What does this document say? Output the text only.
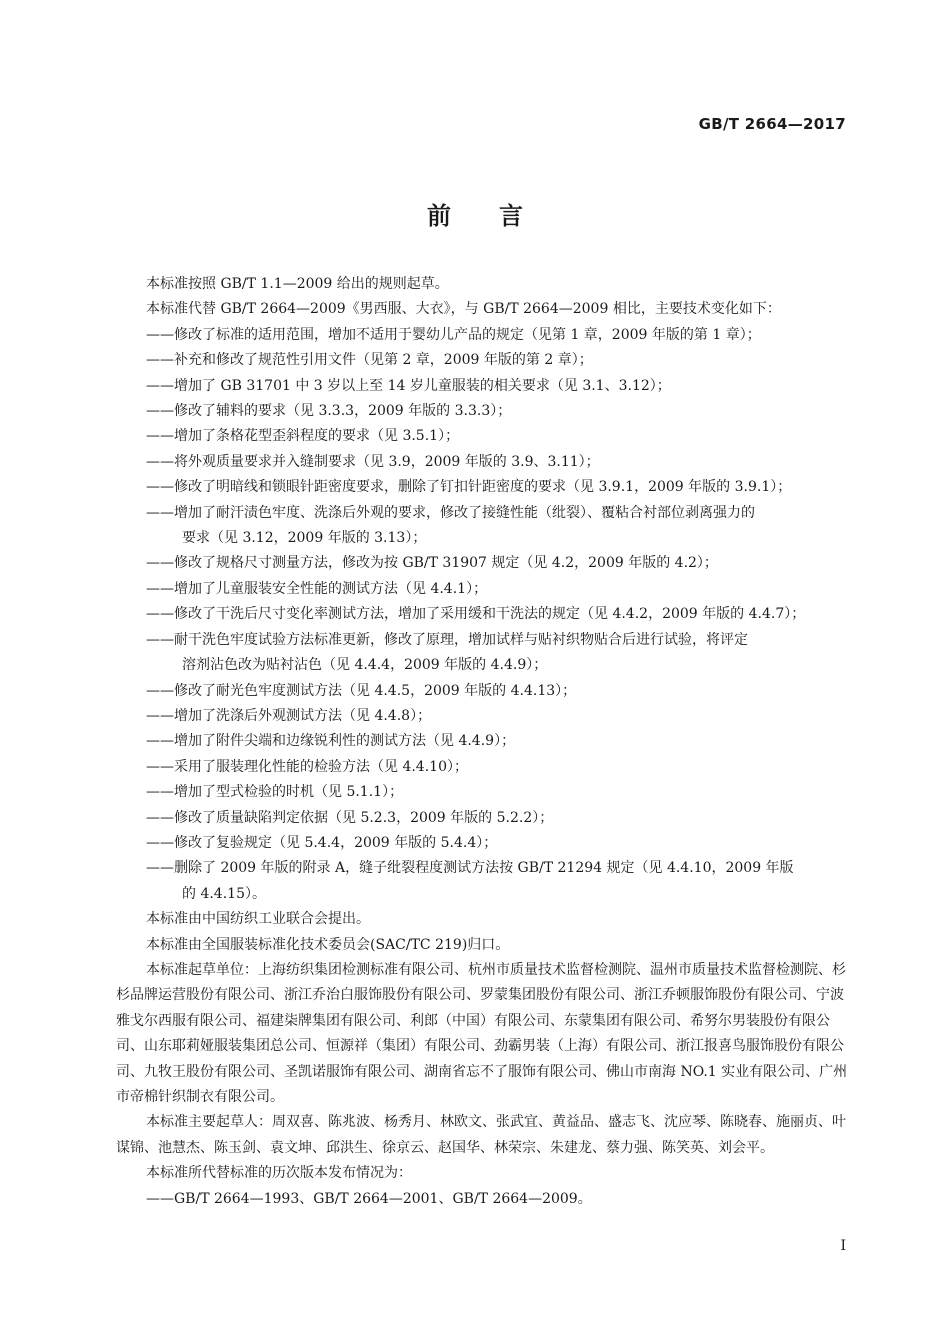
GB/T 2664—2017
前 言

本标准按照 GB/T 1.1—2009 给出的规则起草。

本标准代替 GB/T 2664—2009《男西服、大衣》，与 GB/T 2664—2009 相比，主要技术变化如下：

——修改了标准的适用范围，增加不适用于婴幼儿产品的规定（见第 1 章，2009 年版的第 1 章）；

——补充和修改了规范性引用文件（见第 2 章，2009 年版的第 2 章）；

——增加了 GB 31701 中 3 岁以上至 14 岁儿童服装的相关要求（见 3.1、3.12）；

——修改了辅料的要求（见 3.3.3，2009 年版的 3.3.3）；

——增加了条格花型歪斜程度的要求（见 3.5.1）；

——将外观质量要求并入缝制要求（见 3.9，2009 年版的 3.9、3.11）；

——修改了明暗线和锁眼针距密度要求，删除了钉扣针距密度的要求（见 3.9.1，2009 年版的 3.9.1）；

——增加了耐汗渍色牢度、洗涤后外观的要求，修改了接缝性能（纰裂）、覆粘合衬部位剥离强力的

要求（见 3.12，2009 年版的 3.13）；

——修改了规格尺寸测量方法，修改为按 GB/T 31907 规定（见 4.2，2009 年版的 4.2）；

——增加了儿童服装安全性能的测试方法（见 4.4.1）；

——修改了干洗后尺寸变化率测试方法，增加了采用缓和干洗法的规定（见 4.4.2，2009 年版的 4.4.7）；

——耐干洗色牢度试验方法标准更新，修改了原理，增加试样与贴衬织物贴合后进行试验，将评定

溶剂沾色改为贴衬沾色（见 4.4.4，2009 年版的 4.4.9）；

——修改了耐光色牢度测试方法（见 4.4.5，2009 年版的 4.4.13）；

——增加了洗涤后外观测试方法（见 4.4.8）；

——增加了附件尖端和边缘锐利性的测试方法（见 4.4.9）；

——采用了服装理化性能的检验方法（见 4.4.10）；

——增加了型式检验的时机（见 5.1.1）；

——修改了质量缺陷判定依据（见 5.2.3，2009 年版的 5.2.2）；

——修改了复验规定（见 5.4.4，2009 年版的 5.4.4）；

——删除了 2009 年版的附录 A，缝子纰裂程度测试方法按 GB/T 21294 规定（见 4.4.10，2009 年版

的 4.4.15）。

本标准由中国纺织工业联合会提出。

本标准由全国服装标准化技术委员会(SAC/TC 219)归口。

本标准起草单位：上海纺织集团检测标准有限公司、杭州市质量技术监督检测院、温州市质量技术监督检测院、杉杉品牌运营股份有限公司、浙江乔治白服饰股份有限公司、罗蒙集团股份有限公司、浙江乔顿服饰股份有限公司、宁波雅戈尔西服有限公司、福建柒牌集团有限公司、利郎（中国）有限公司、东蒙集团有限公司、希努尔男装股份有限公司、山东耶莉娅服装集团总公司、恒源祥（集团）有限公司、劲霸男装（上海）有限公司、浙江报喜鸟服饰股份有限公司、九牧王股份有限公司、圣凯诺服饰有限公司、湖南省忘不了服饰有限公司、佛山市南海 NO.1 实业有限公司、广州市帝棉针织制衣有限公司。

本标准主要起草人：周双喜、陈兆波、杨秀月、林欧文、张武宜、黄益品、盛志飞、沈应琴、陈晓春、施丽贞、叶谋锦、池慧杰、陈玉剑、袁文坤、邱洪生、徐京云、赵国华、林荣宗、朱建龙、蔡力强、陈笑英、刘会平。

本标准所代替标准的历次版本发布情况为：

——GB/T 2664—1993、GB/T 2664—2001、GB/T 2664—2009。

I
